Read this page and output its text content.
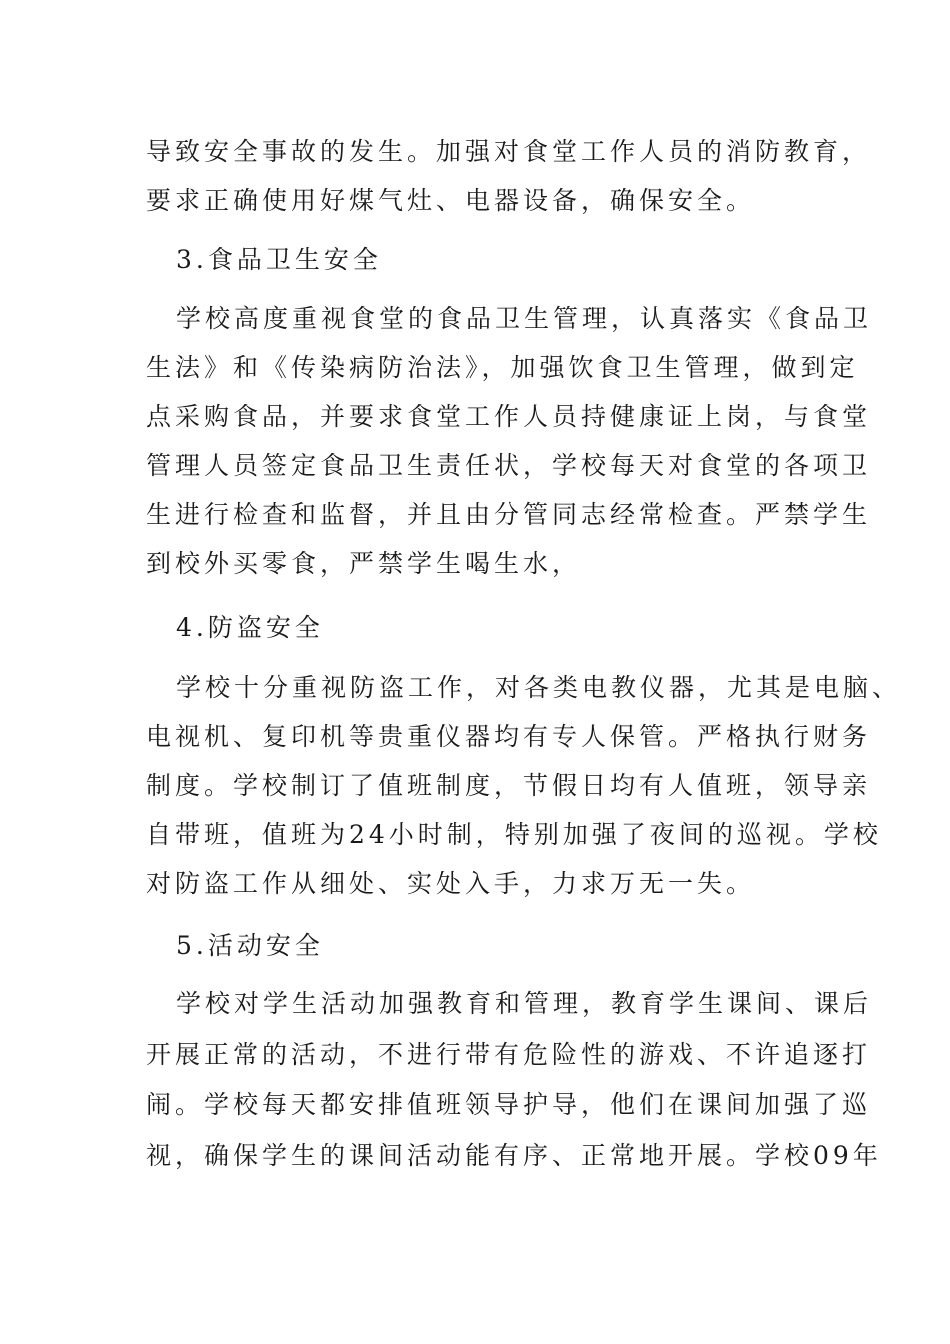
导致安全事故的发生。加强对食堂工作人员的消防教育，
要求正确使用好煤气灶、电器设备，确保安全。
3.食品卫生安全
学校高度重视食堂的食品卫生管理，认真落实《食品卫
生法》和《传染病防治法》，加强饮食卫生管理，做到定
点采购食品，并要求食堂工作人员持健康证上岗，与食堂
管理人员签定食品卫生责任状，学校每天对食堂的各项卫
生进行检查和监督，并且由分管同志经常检查。严禁学生
到校外买零食，严禁学生喝生水，
4.防盗安全
学校十分重视防盗工作，对各类电教仪器，尤其是电脑、
电视机、复印机等贵重仪器均有专人保管。严格执行财务
制度。学校制订了值班制度，节假日均有人值班，领导亲
自带班，值班为24小时制，特别加强了夜间的巡视。学校
对防盗工作从细处、实处入手，力求万无一失。
5.活动安全
学校对学生活动加强教育和管理，教育学生课间、课后
开展正常的活动，不进行带有危险性的游戏、不许追逐打
闹。学校每天都安排值班领导护导，他们在课间加强了巡
视，确保学生的课间活动能有序、正常地开展。学校09年
